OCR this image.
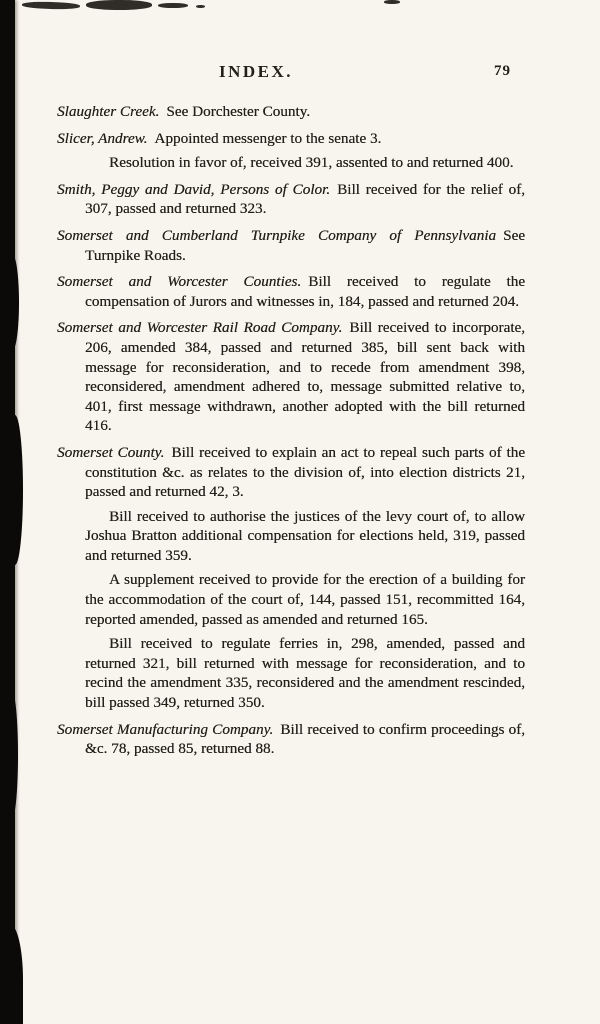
INDEX.	79

Slaughter Creek. See Dorchester County.

Slicer, Andrew. Appointed messenger to the senate 3.

Resolution in favor of, received 391, assented to and returned 400.

Smith, Peggy and David, Persons of Color. Bill received for the relief of, 307, passed and returned 323.

Somerset and Cumberland Turnpike Company of Pennsylvania See Turnpike Roads.

Somerset and Worcester Counties. Bill received to regulate the compensation of Jurors and witnesses in, 184, passed and returned 204.

Somerset and Worcester Rail Road Company. Bill received to incorporate, 206, amended 384, passed and returned 385, bill sent back with message for reconsideration, and to recede from amendment 398, reconsidered, amendment adhered to, message submitted relative to, 401, first message withdrawn, another adopted with the bill returned 416.

Somerset County. Bill received to explain an act to repeal such parts of the constitution &c. as relates to the division of, into election districts 21, passed and returned 42, 3.

Bill received to authorise the justices of the levy court of, to allow Joshua Bratton additional compensation for elections held, 319, passed and returned 359.

A supplement received to provide for the erection of a building for the accommodation of the court of, 144, passed 151, recommitted 164, reported amended, passed as amended and returned 165.

Bill received to regulate ferries in, 298, amended, passed and returned 321, bill returned with message for reconsideration, and to recind the amendment 335, reconsidered and the amendment rescinded, bill passed 349, returned 350.

Somerset Manufacturing Company. Bill received to confirm proceedings of, &c. 78, passed 85, returned 88.
